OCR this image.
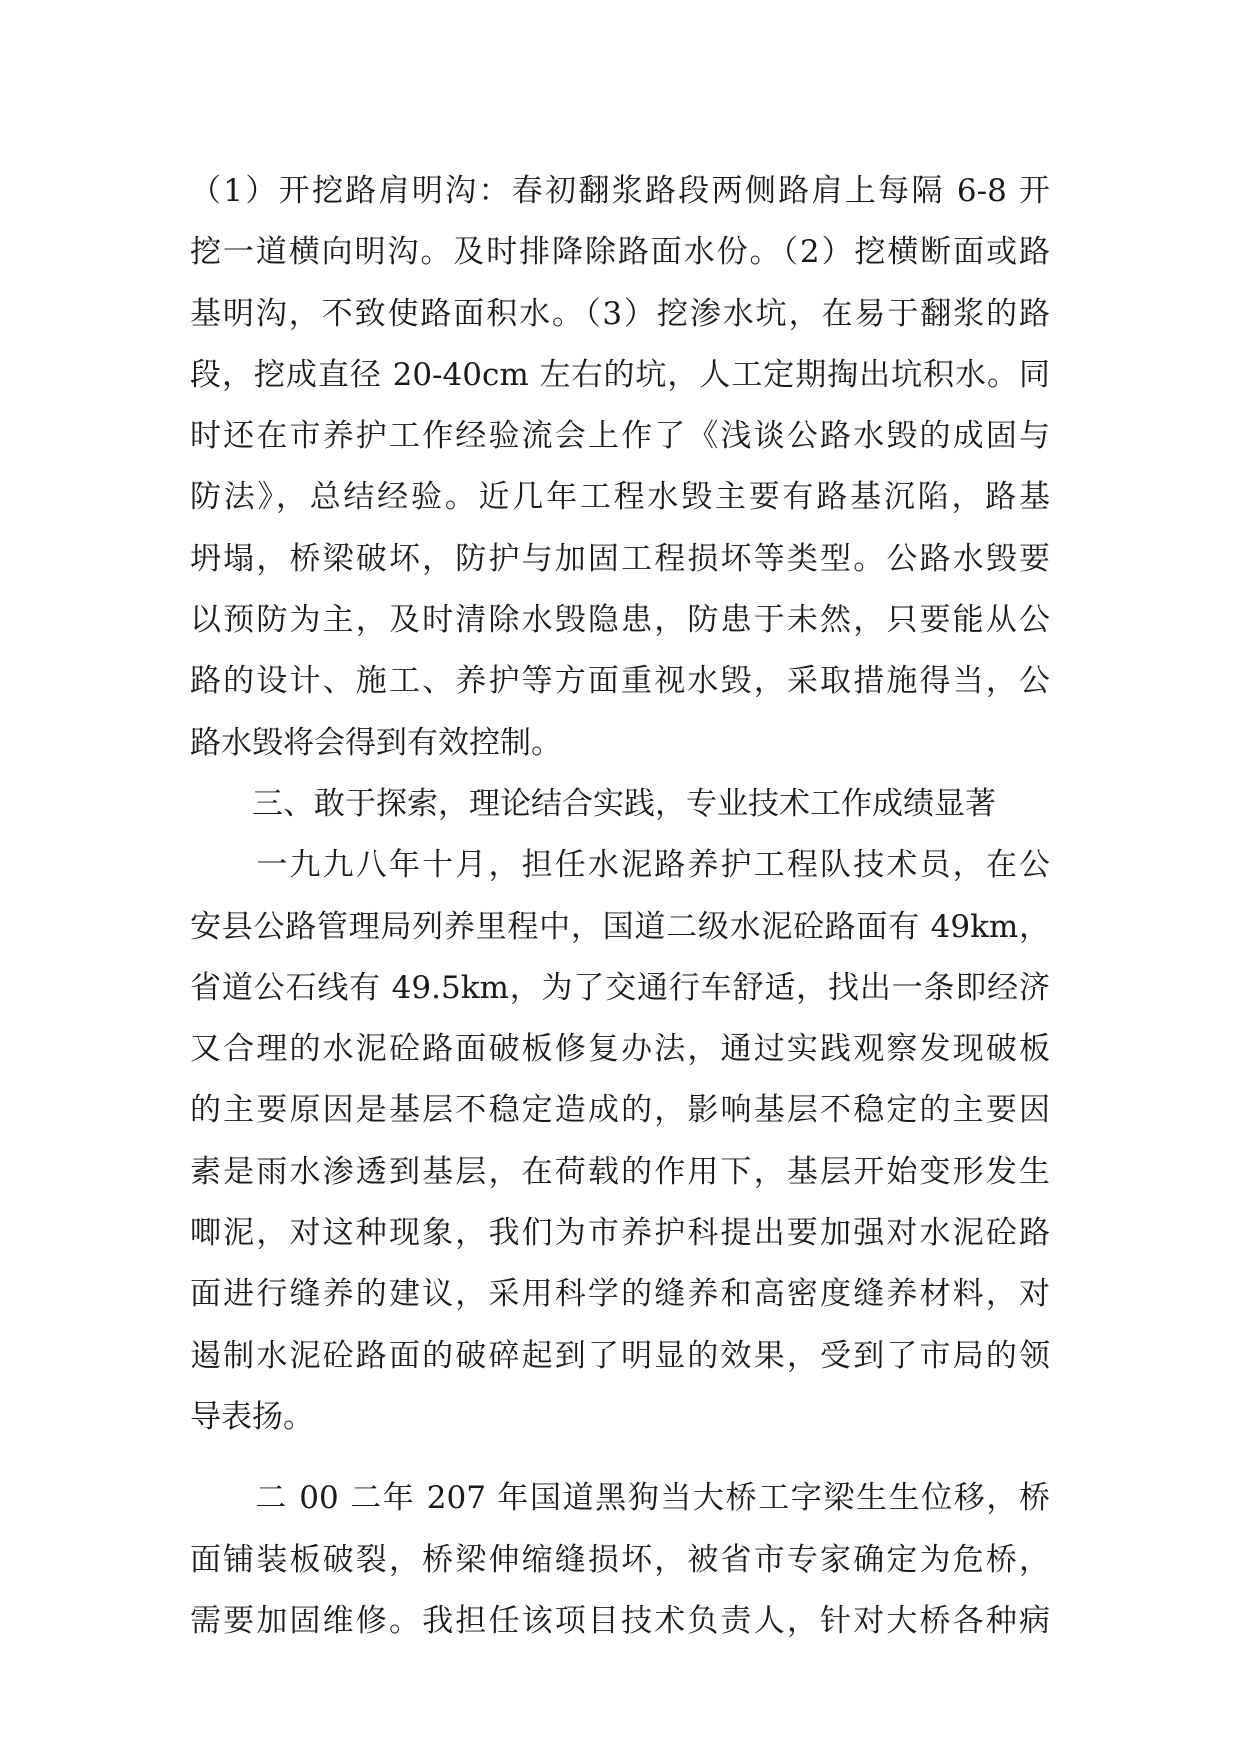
（1）开挖路肩明沟：春初翻浆路段两侧路肩上每隔 6-8 开
挖一道横向明沟。及时排降除路面水份。（2）挖横断面或路
基明沟，不致使路面积水。（3）挖渗水坑，在易于翻浆的路
段，挖成直径 20-40cm 左右的坑，人工定期掏出坑积水。同
时还在市养护工作经验流会上作了《浅谈公路水毁的成固与
防法》，总结经验。近几年工程水毁主要有路基沉陷，路基
坍塌，桥梁破坏，防护与加固工程损坏等类型。公路水毁要
以预防为主，及时清除水毁隐患，防患于未然，只要能从公
路的设计、施工、养护等方面重视水毁，采取措施得当，公
路水毁将会得到有效控制。
　　三、敢于探索，理论结合实践，专业技术工作成绩显著
　　一九九八年十月，担任水泥路养护工程队技术员，在公
安县公路管理局列养里程中，国道二级水泥砼路面有 49km，
省道公石线有 49.5km，为了交通行车舒适，找出一条即经济
又合理的水泥砼路面破板修复办法，通过实践观察发现破板
的主要原因是基层不稳定造成的，影响基层不稳定的主要因
素是雨水渗透到基层，在荷载的作用下，基层开始变形发生
唧泥，对这种现象，我们为市养护科提出要加强对水泥砼路
面进行缝养的建议，采用科学的缝养和高密度缝养材料，对
遏制水泥砼路面的破碎起到了明显的效果，受到了市局的领
导表扬。
　　二 00 二年 207 年国道黑狗当大桥工字梁生生位移，桥
面铺装板破裂，桥梁伸缩缝损坏，被省市专家确定为危桥，
需要加固维修。我担任该项目技术负责人，针对大桥各种病
